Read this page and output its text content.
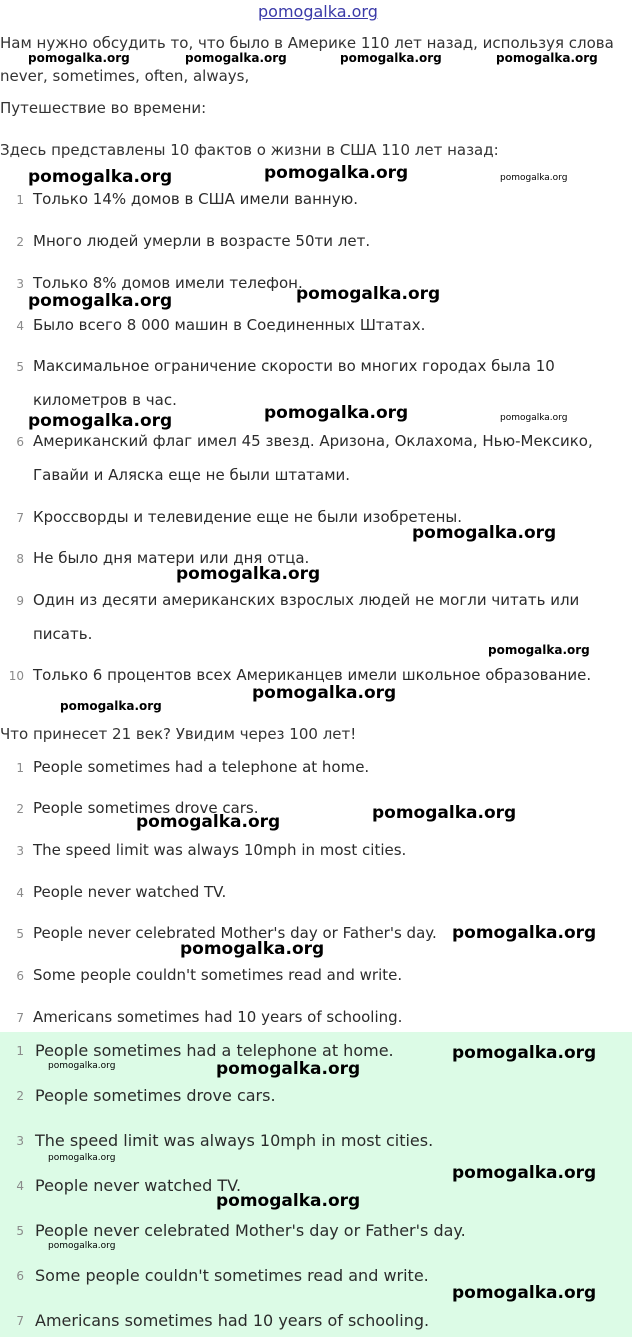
pomogalka.org
Нам нужно обсудить то, что было в Америке 110 лет назад, используя слова
never, sometimes, often, always,
Путешествие во времени:
Здесь представлены 10 фактов о жизни в США 110 лет назад:
1 Только 14% домов в США имели ванную.
2 Много людей умерли в возрасте 50ти лет.
3 Только 8% домов имели телефон.
4 Было всего 8 000 машин в Соединенных Штатах.
5 Максимальное ограничение скорости во многих городах была 10
километров в час.
6 Американский флаг имел 45 звезд. Аризона, Оклахома, Нью-Мексико,
Гавайи и Аляска еще не были штатами.
7 Кроссворды и телевидение еще не были изобретены.
8 Не было дня матери или дня отца.
9 Один из десяти американских взрослых людей не могли читать или
писать.
10 Только 6 процентов всех Американцев имели школьное образование.
Что принесет 21 век? Увидим через 100 лет!
1 People sometimes had a telephone at home.
2 People sometimes drove cars.
3 The speed limit was always 10mph in most cities.
4 People never watched TV.
5 People never celebrated Mother's day or Father's day.
6 Some people couldn't sometimes read and write.
7 Americans sometimes had 10 years of schooling.
1 People sometimes had a telephone at home.
2 People sometimes drove cars.
3 The speed limit was always 10mph in most cities.
4 People never watched TV.
5 People never celebrated Mother's day or Father's day.
6 Some people couldn't sometimes read and write.
7 Americans sometimes had 10 years of schooling.
pomogalka.org	pomogalka.org	pomogalka.org	pomogalka.org
pomogalka.org	pomogalka.org	pomogalka.org
pomogalka.org
pomogalka.org
pomogalka.org	pomogalka.org	pomogalka.org
pomogalka.org
pomogalka.org
pomogalka.org
pomogalka.org
pomogalka.org
pomogalka.org
pomogalka.org
pomogalka.org
pomogalka.org
pomogalka.org
pomogalka.org	pomogalka.org
pomogalka.org
pomogalka.org
pomogalka.org
pomogalka.org
pomogalka.org
